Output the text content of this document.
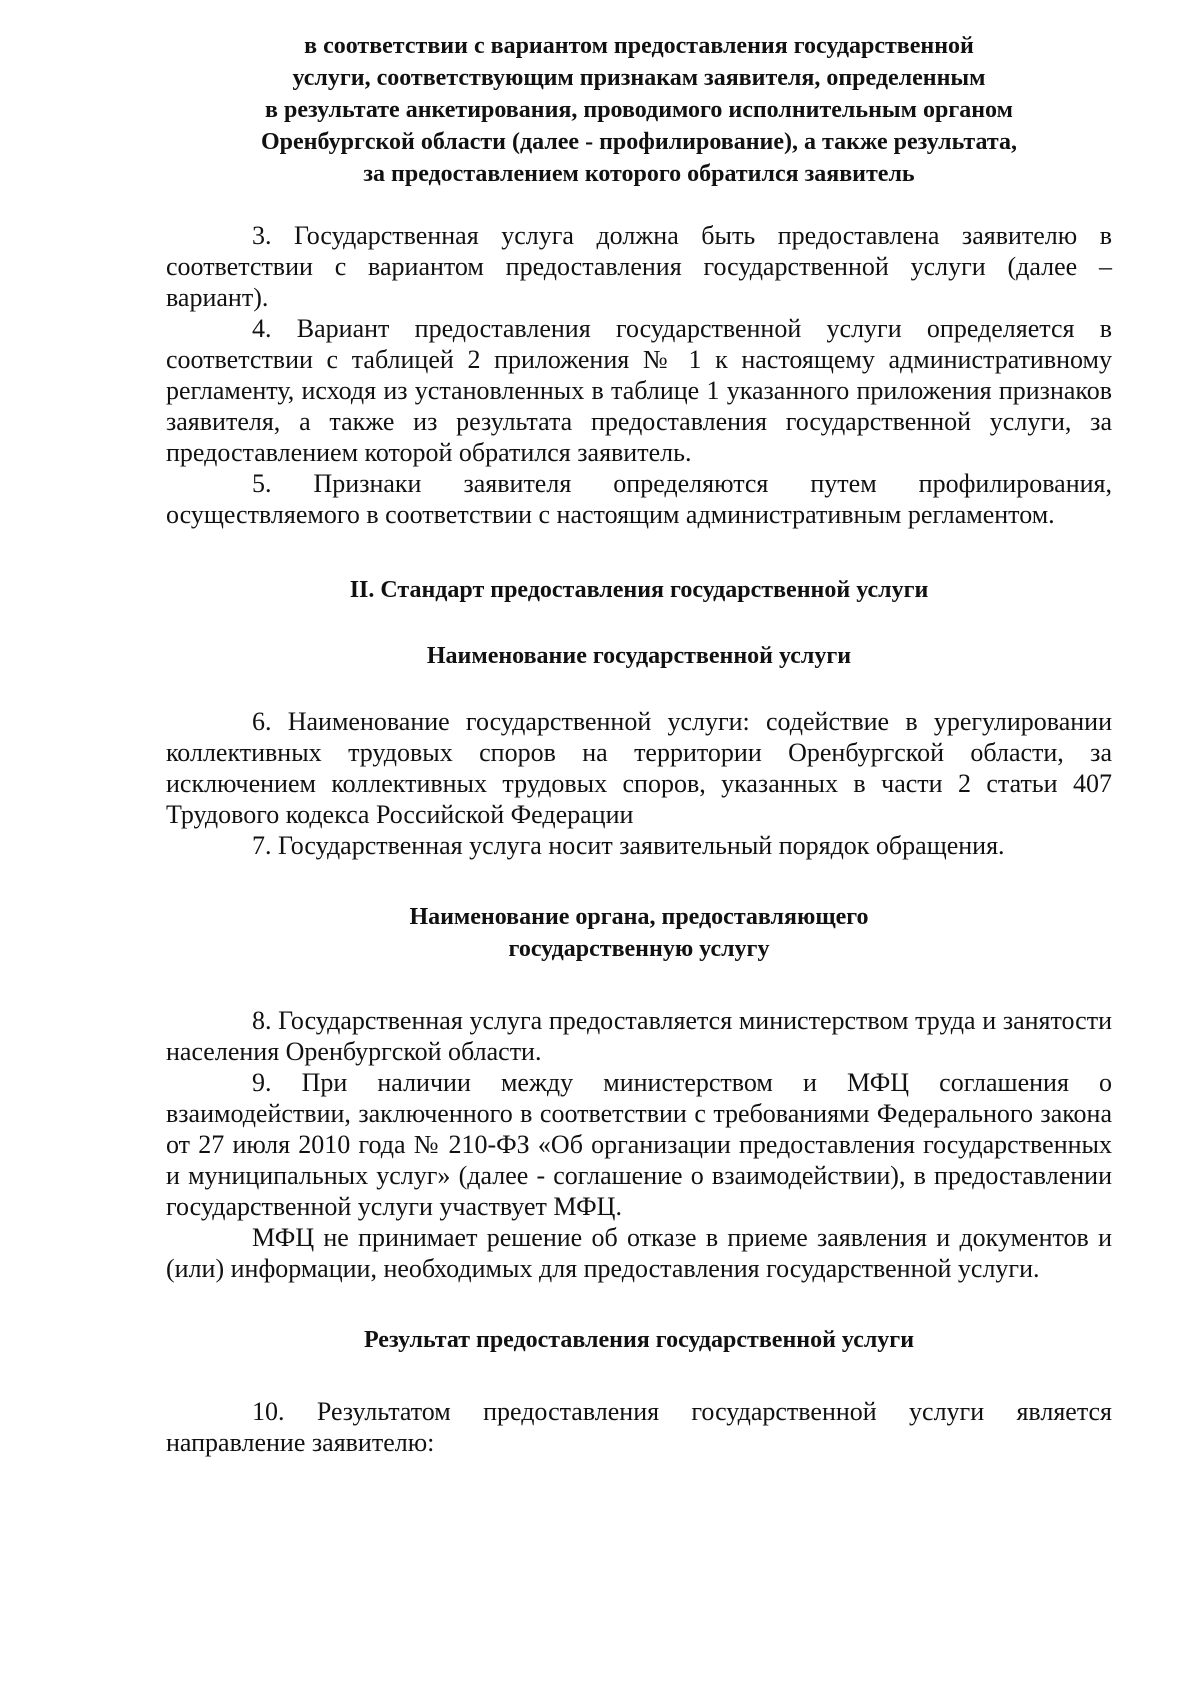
в соответствии с вариантом предоставления государственной
услуги, соответствующим признакам заявителя, определенным
в результате анкетирования, проводимого исполнительным органом
Оренбургской области (далее - профилирование), а также результата,
за предоставлением которого обратился заявитель

3. Государственная услуга должна быть предоставлена заявителю в соответствии с вариантом предоставления государственной услуги (далее – вариант).

4. Вариант предоставления государственной услуги определяется в соответствии с таблицей 2 приложения № 1 к настоящему административному регламенту, исходя из установленных в таблице 1 указанного приложения признаков заявителя, а также из результата предоставления государственной услуги, за предоставлением которой обратился заявитель.

5. Признаки заявителя определяются путем профилирования, осуществляемого в соответствии с настоящим административным регламентом.

II. Стандарт предоставления государственной услуги
Наименование государственной услуги

6. Наименование государственной услуги: содействие в урегулировании коллективных трудовых споров на территории Оренбургской области, за исключением коллективных трудовых споров, указанных в части 2 статьи 407 Трудового кодекса Российской Федерации

7. Государственная услуга носит заявительный порядок обращения.

Наименование органа, предоставляющего
государственную услугу

8. Государственная услуга предоставляется министерством труда и занятости населения Оренбургской области.

9. При наличии между министерством и МФЦ соглашения о взаимодействии, заключенного в соответствии с требованиями Федерального закона от 27 июля 2010 года № 210-ФЗ «Об организации предоставления государственных и муниципальных услуг» (далее - соглашение о взаимодействии), в предоставлении государственной услуги участвует МФЦ.

МФЦ не принимает решение об отказе в приеме заявления и документов и (или) информации, необходимых для предоставления государственной услуги.

Результат предоставления государственной услуги

10. Результатом предоставления государственной услуги является направление заявителю:
